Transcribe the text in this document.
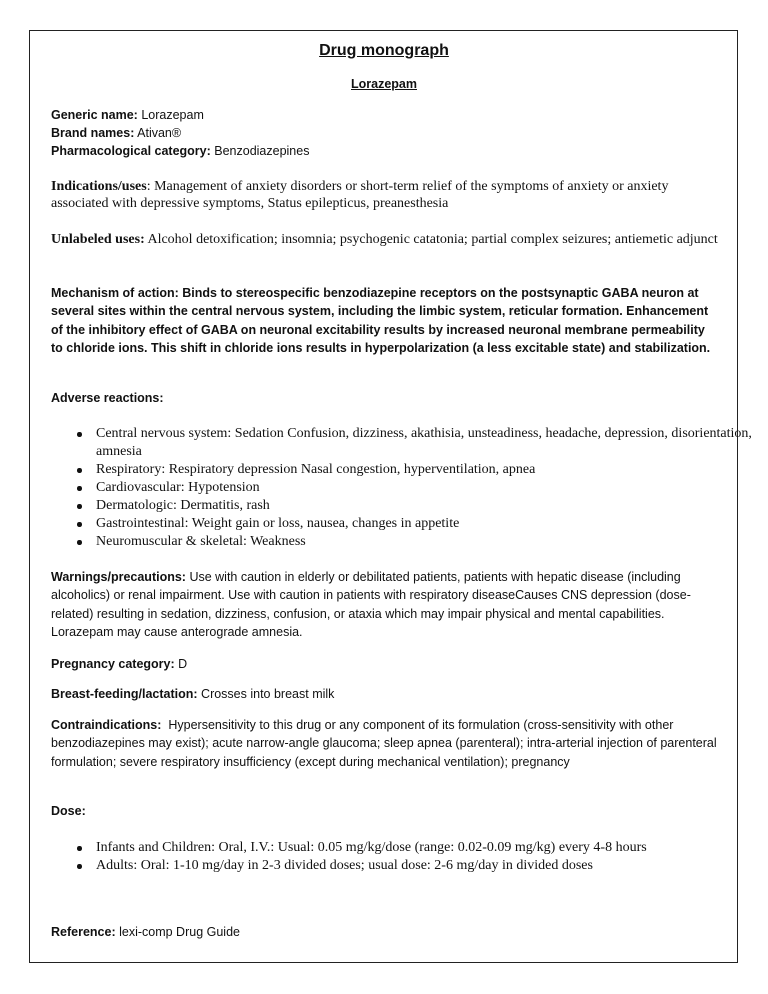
Drug monograph
Lorazepam
Generic name: Lorazepam
Brand names: Ativan®
Pharmacological category: Benzodiazepines
Indications/uses: Management of anxiety disorders or short-term relief of the symptoms of anxiety or anxiety associated with depressive symptoms, Status epilepticus, preanesthesia
Unlabeled uses: Alcohol detoxification; insomnia; psychogenic catatonia; partial complex seizures; antiemetic adjunct
Mechanism of action: Binds to stereospecific benzodiazepine receptors on the postsynaptic GABA neuron at several sites within the central nervous system, including the limbic system, reticular formation. Enhancement of the inhibitory effect of GABA on neuronal excitability results by increased neuronal membrane permeability to chloride ions. This shift in chloride ions results in hyperpolarization (a less excitable state) and stabilization.
Adverse reactions:
Central nervous system: Sedation Confusion, dizziness, akathisia, unsteadiness, headache, depression, disorientation, amnesia
Respiratory: Respiratory depression Nasal congestion, hyperventilation, apnea
Cardiovascular: Hypotension
Dermatologic: Dermatitis, rash
Gastrointestinal: Weight gain or loss, nausea, changes in appetite
Neuromuscular & skeletal: Weakness
Warnings/precautions: Use with caution in elderly or debilitated patients, patients with hepatic disease (including alcoholics) or renal impairment. Use with caution in patients with respiratory diseaseCauses CNS depression (dose-related) resulting in sedation, dizziness, confusion, or ataxia which may impair physical and mental capabilities. Lorazepam may cause anterograde amnesia.
Pregnancy category: D
Breast-feeding/lactation: Crosses into breast milk
Contraindications:  Hypersensitivity to this drug or any component of its formulation (cross-sensitivity with other benzodiazepines may exist); acute narrow-angle glaucoma; sleep apnea (parenteral); intra-arterial injection of parenteral formulation; severe respiratory insufficiency (except during mechanical ventilation); pregnancy
Dose:
Infants and Children: Oral, I.V.: Usual: 0.05 mg/kg/dose (range: 0.02-0.09 mg/kg) every 4-8 hours
Adults: Oral: 1-10 mg/day in 2-3 divided doses; usual dose: 2-6 mg/day in divided doses
Reference: lexi-comp Drug Guide
